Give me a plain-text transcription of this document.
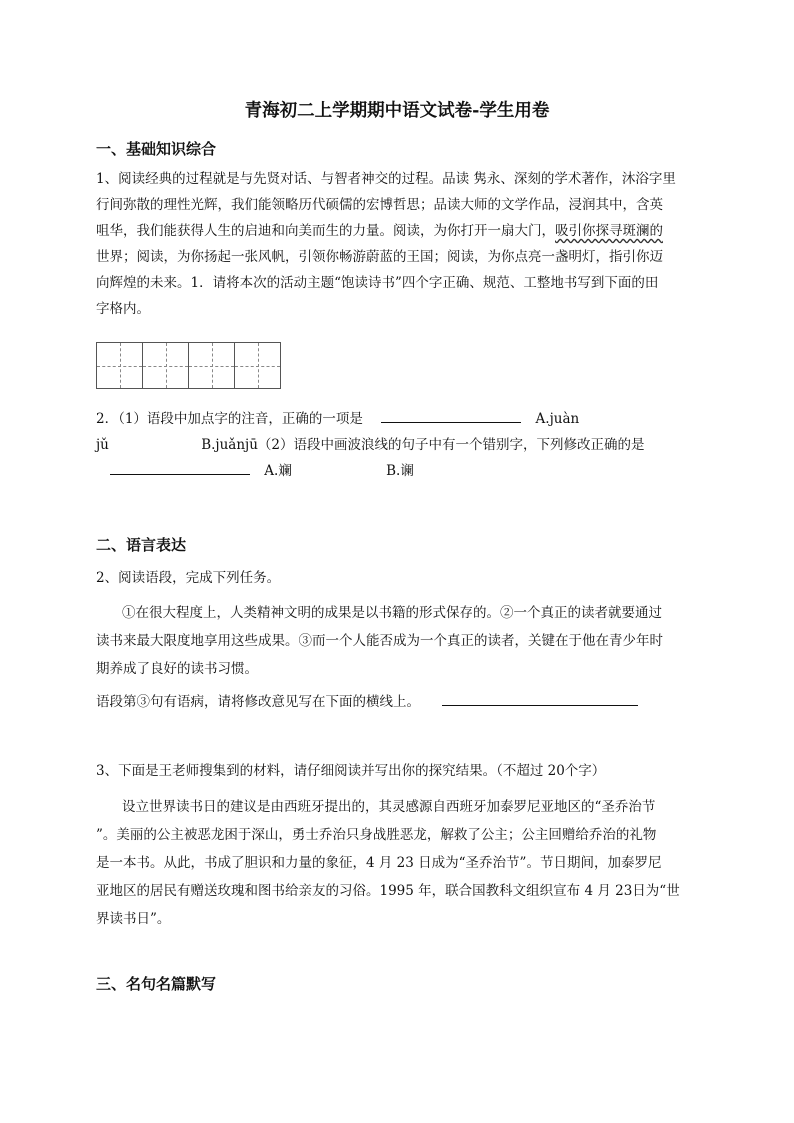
青海初二上学期期中语文试卷-学生用卷
一、基础知识综合
1、阅读经典的过程就是与先贤对话、与智者神交的过程。品读 隽永、深刻的学术著作，沐浴字里
行间弥散的理性光辉，我们能领略历代硕儒的宏博哲思；品读大师的文学作品，浸润其中，含英
咀华，我们能获得人生的启迪和向美而生的力量。阅读，为你打开一扇大门，吸引你探寻斑澜的
世界；阅读，为你扬起一张风帆，引领你畅游蔚蓝的王国；阅读，为你点亮一盏明灯，指引你迈
向辉煌的未来。1．请将本次的活动主题“饱读诗书”四个字正确、规范、工整地书写到下面的田
字格内。
2．（1）语段中加点字的注音，正确的一项是	A.juàn
jǔ	B.juǎnjū（2）语段中画波浪线的句子中有一个错别字，下列修改正确的是
A.斓	B.谰
二、语言表达
2、阅读语段，完成下列任务。
①在很大程度上，人类精神文明的成果是以书籍的形式保存的。②一个真正的读者就要通过
读书来最大限度地享用这些成果。③而一个人能否成为一个真正的读者，关键在于他在青少年时
期养成了良好的读书习惯。
语段第③句有语病，请将修改意见写在下面的横线上。
3、下面是王老师搜集到的材料，请仔细阅读并写出你的探究结果。（不超过 20个字）
设立世界读书日的建议是由西班牙提出的，其灵感源自西班牙加泰罗尼亚地区的“圣乔治节
”。美丽的公主被恶龙困于深山，勇士乔治只身战胜恶龙，解救了公主；公主回赠给乔治的礼物
是一本书。从此，书成了胆识和力量的象征，4 月 23 日成为“圣乔治节”。节日期间，加泰罗尼
亚地区的居民有赠送玫瑰和图书给亲友的习俗。1995 年，联合国教科文组织宣布 4 月 23日为“世
界读书日”。
三、名句名篇默写
